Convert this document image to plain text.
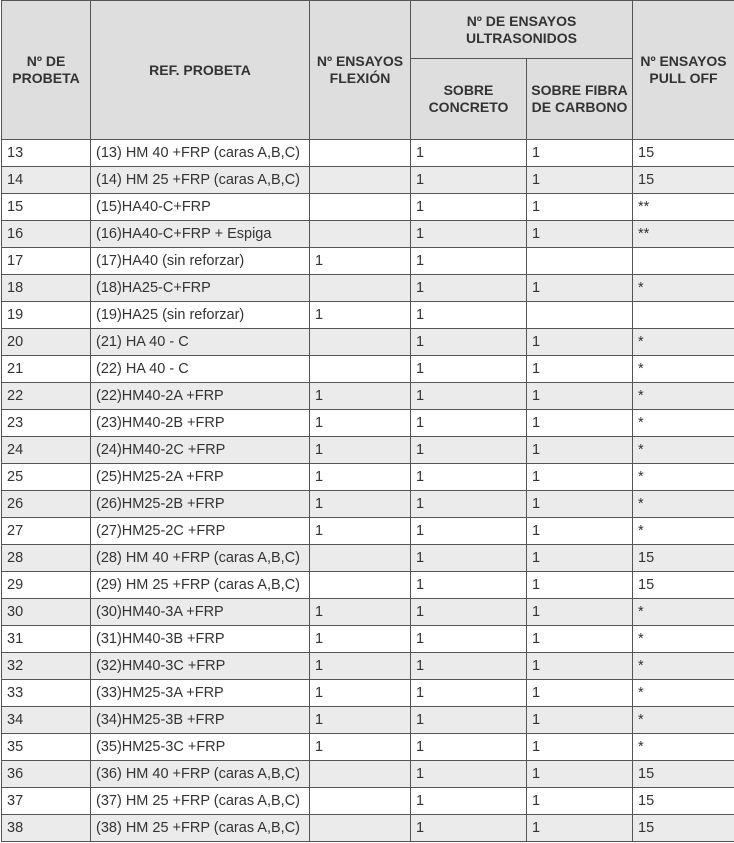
Nº DE PROBETA	REF. PROBETA	Nº ENSAYOS FLEXIÓN	Nº DE ENSAYOS ULTRASONIDOS		Nº ENSAYOS PULL OFF
			SOBRE CONCRETO	SOBRE FIBRA DE CARBONO	
13	(13) HM 40 +FRP (caras A,B,C)		1	1	15
14	(14) HM 25 +FRP (caras A,B,C)		1	1	15
15	(15)HA40-C+FRP		1	1	**
16	(16)HA40-C+FRP + Espiga		1	1	**
17	(17)HA40 (sin reforzar)	1	1		
18	(18)HA25-C+FRP		1	1	*
19	(19)HA25 (sin reforzar)	1	1		
20	(21) HA 40 - C		1	1	*
21	(22) HA 40 - C		1	1	*
22	(22)HM40-2A +FRP	1	1	1	*
23	(23)HM40-2B +FRP	1	1	1	*
24	(24)HM40-2C +FRP	1	1	1	*
25	(25)HM25-2A +FRP	1	1	1	*
26	(26)HM25-2B +FRP	1	1	1	*
27	(27)HM25-2C +FRP	1	1	1	*
28	(28) HM 40 +FRP (caras A,B,C)		1	1	15
29	(29) HM 25 +FRP (caras A,B,C)		1	1	15
30	(30)HM40-3A +FRP	1	1	1	*
31	(31)HM40-3B +FRP	1	1	1	*
32	(32)HM40-3C +FRP	1	1	1	*
33	(33)HM25-3A +FRP	1	1	1	*
34	(34)HM25-3B +FRP	1	1	1	*
35	(35)HM25-3C +FRP	1	1	1	*
36	(36) HM 40 +FRP (caras A,B,C)		1	1	15
37	(37) HM 25 +FRP (caras A,B,C)		1	1	15
38	(38) HM 25 +FRP (caras A,B,C)		1	1	15
